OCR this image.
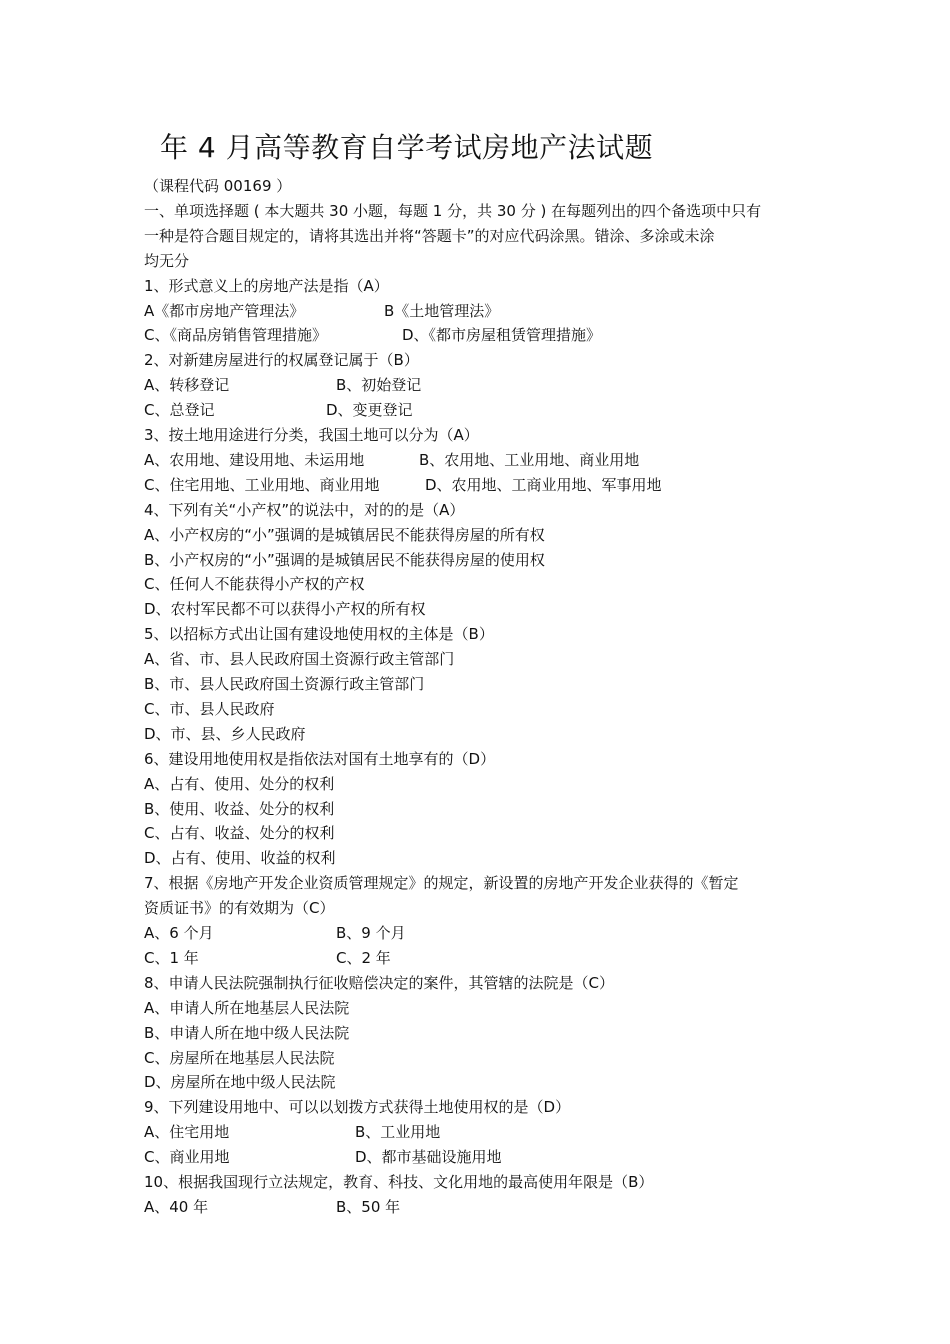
年 4 月高等教育自学考试房地产法试题
（课程代码 00169 ）
一、单项选择题 ( 本大题共 30 小题，每题 1 分，共 30 分 ) 在每题列出的四个备选项中只有
一种是符合题目规定的，请将其选出并将“答题卡”的对应代码涂黑。错涂、多涂或未涂
均无分
1、形式意义上的房地产法是指（A）
A《都市房地产管理法》	B《土地管理法》
C、《商品房销售管理措施》	D、《都市房屋租赁管理措施》
2、对新建房屋进行的权属登记属于（B）
A、转移登记	B、初始登记
C、总登记	D、变更登记
3、按土地用途进行分类，我国土地可以分为（A）
A、农用地、建设用地、未运用地	B、农用地、工业用地、商业用地
C、住宅用地、工业用地、商业用地	D、农用地、工商业用地、军事用地
4、下列有关“小产权”的说法中，对的的是（A）
A、小产权房的“小”强调的是城镇居民不能获得房屋的所有权
B、小产权房的“小”强调的是城镇居民不能获得房屋的使用权
C、任何人不能获得小产权的产权
D、农村军民都不可以获得小产权的所有权
5、以招标方式出让国有建设地使用权的主体是（B）
A、省、市、县人民政府国土资源行政主管部门
B、市、县人民政府国土资源行政主管部门
C、市、县人民政府
D、市、县、乡人民政府
6、建设用地使用权是指依法对国有土地享有的（D）
A、占有、使用、处分的权利
B、使用、收益、处分的权利
C、占有、收益、处分的权利
D、占有、使用、收益的权利
7、根据《房地产开发企业资质管理规定》的规定，新设置的房地产开发企业获得的《暂定
资质证书》的有效期为（C）
A、6 个月	B、9 个月
C、1 年	C、2 年
8、申请人民法院强制执行征收赔偿决定的案件，其管辖的法院是（C）
A、申请人所在地基层人民法院
B、申请人所在地中级人民法院
C、房屋所在地基层人民法院
D、房屋所在地中级人民法院
9、下列建设用地中、可以以划拨方式获得土地使用权的是（D）
A、住宅用地	B、工业用地
C、商业用地	D、都市基础设施用地
10、根据我国现行立法规定，教育、科技、文化用地的最高使用年限是（B）
A、40 年	B、50 年
